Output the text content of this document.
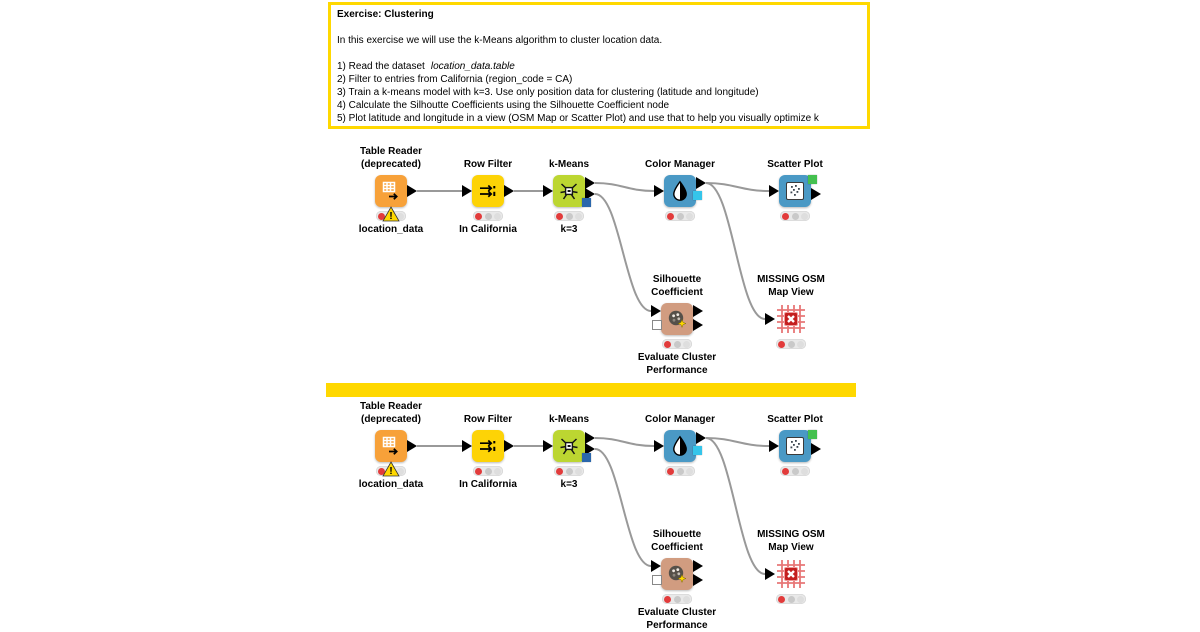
Exercise: Clustering
In this exercise we will use the k-Means algorithm to cluster location data.
1) Read the dataset location_data.table
2) Filter to entries from California (region_code = CA)
3) Train a k-means model with k=3. Use only position data for clustering (latitude and longitude)
4) Calculate the Silhoutte Coefficients using the Silhouette Coefficient node
5) Plot latitude and longitude in a view (OSM Map or Scatter Plot) and use that to help you visually optimize k
Table Reader
(deprecated)
!
location_data
Row Filter
In California
k-Means
k=3
Color Manager	Scatter Plot
Silhouette
Coefficient
Evaluate Cluster
Performance
MISSING OSM
Map View
Table Reader
(deprecated)
!
location_data
Row Filter
In California
k-Means
k=3
Color Manager	Scatter Plot
Silhouette
Coefficient
Evaluate Cluster
Performance
MISSING OSM
Map View
